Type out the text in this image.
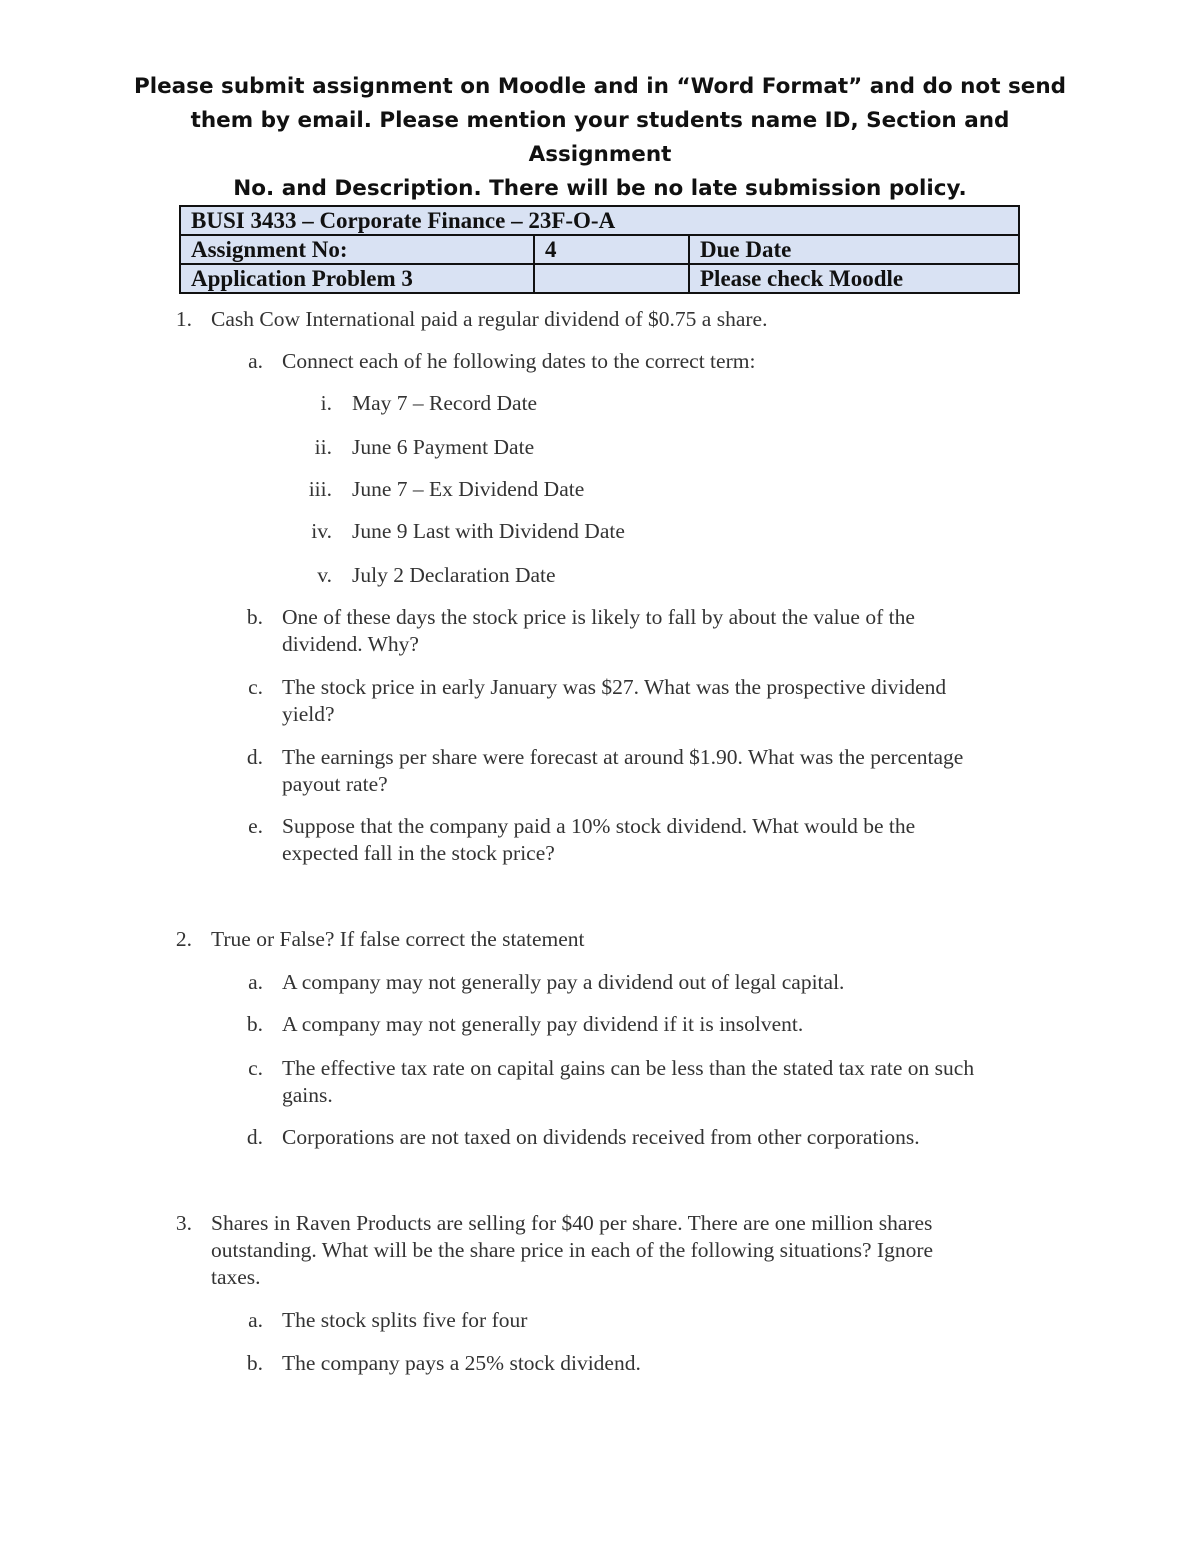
Please submit assignment on Moodle and in “Word Format” and do not send
them by email. Please mention your students name ID, Section and Assignment
No. and Description. There will be no late submission policy.
BUSI 3433 – Corporate Finance – 23F-O-A		
Assignment No:	4	Due Date
Application Problem 3		Please check Moodle
1. Cash Cow International paid a regular dividend of $0.75 a share.
a. Connect each of he following dates to the correct term:
i. May 7 – Record Date
ii. June 6 Payment Date
iii. June 7 – Ex Dividend Date
iv. June 9 Last with Dividend Date
v. July 2 Declaration Date
b. One of these days the stock price is likely to fall by about the value of the
dividend. Why?
c. The stock price in early January was $27. What was the prospective dividend
yield?
d. The earnings per share were forecast at around $1.90. What was the percentage
payout rate?
e. Suppose that the company paid a 10% stock dividend. What would be the
expected fall in the stock price?
2. True or False? If false correct the statement
a. A company may not generally pay a dividend out of legal capital.
b. A company may not generally pay dividend if it is insolvent.
c. The effective tax rate on capital gains can be less than the stated tax rate on such
gains.
d. Corporations are not taxed on dividends received from other corporations.
3. Shares in Raven Products are selling for $40 per share. There are one million shares
outstanding. What will be the share price in each of the following situations? Ignore
taxes.
a. The stock splits five for four
b. The company pays a 25% stock dividend.
